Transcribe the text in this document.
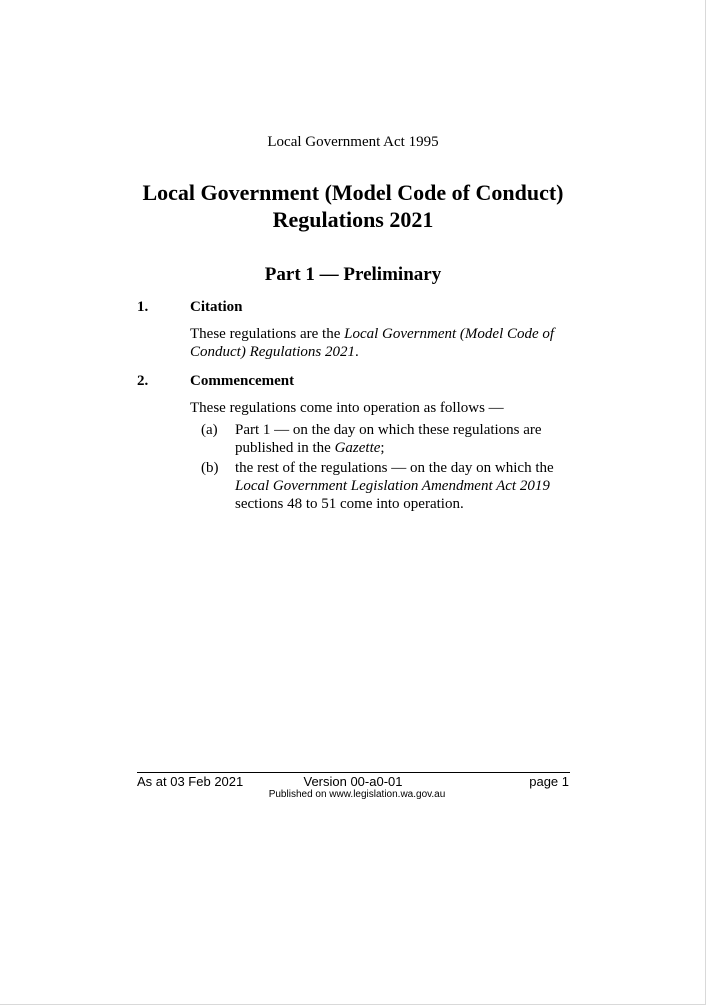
Local Government Act 1995
Local Government (Model Code of Conduct)
Regulations 2021
Part 1 — Preliminary
1.	Citation
These regulations are the Local Government (Model Code of
Conduct) Regulations 2021.
2.	Commencement
These regulations come into operation as follows —
(a) Part 1 — on the day on which these regulations are
published in the Gazette;
(b) the rest of the regulations — on the day on which the
Local Government Legislation Amendment Act 2019
sections 48 to 51 come into operation.
As at 03 Feb 2021	Version 00-a0-01	page 1
Published on www.legislation.wa.gov.au
